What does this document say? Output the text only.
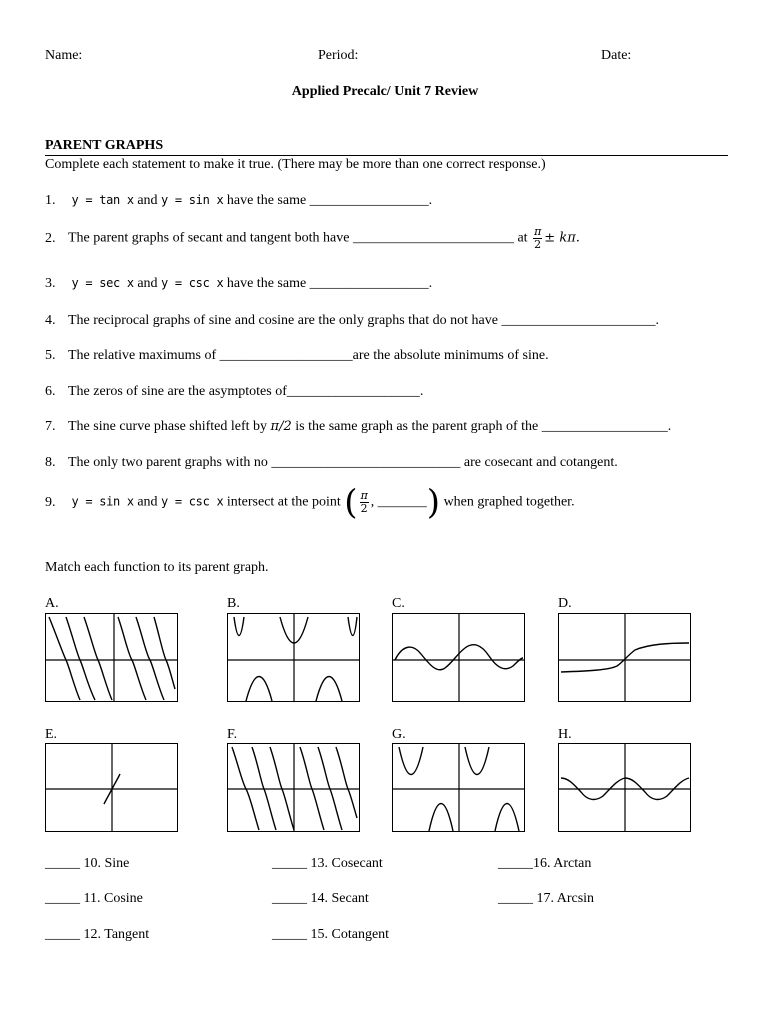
Name:	Period:	Date:
Applied Precalc/ Unit 7 Review
PARENT GRAPHS
Complete each statement to make it true. (There may be more than one correct response.)
1. y = tan x and y = sin x have the same _________________.
2. The parent graphs of secant and tangent both have _______________________ at $\frac{\pi}{2} \pm k\pi$.
3. y = sec x and y = csc x have the same _________________.
4. The reciprocal graphs of sine and cosine are the only graphs that do not have ______________________.
5. The relative maximums of ___________________are the absolute minimums of sine.
6. The zeros of sine are the asymptotes of___________________.
7. The sine curve phase shifted left by π/2 is the same graph as the parent graph of the __________________.
8. The only two parent graphs with no ___________________________ are cosecant and cotangent.
9. y = sin x and y = csc x intersect at the point ( $\frac{\pi}{2}$ , _______) when graphed together.
Match each function to its parent graph.
A.	B.	C.	D.
E.	F.	G.	H.
_____ 10. Sine	_____ 13. Cosecant	_____16. Arctan
_____ 11. Cosine	_____ 14. Secant	_____ 17. Arcsin
_____ 12. Tangent	_____ 15. Cotangent
